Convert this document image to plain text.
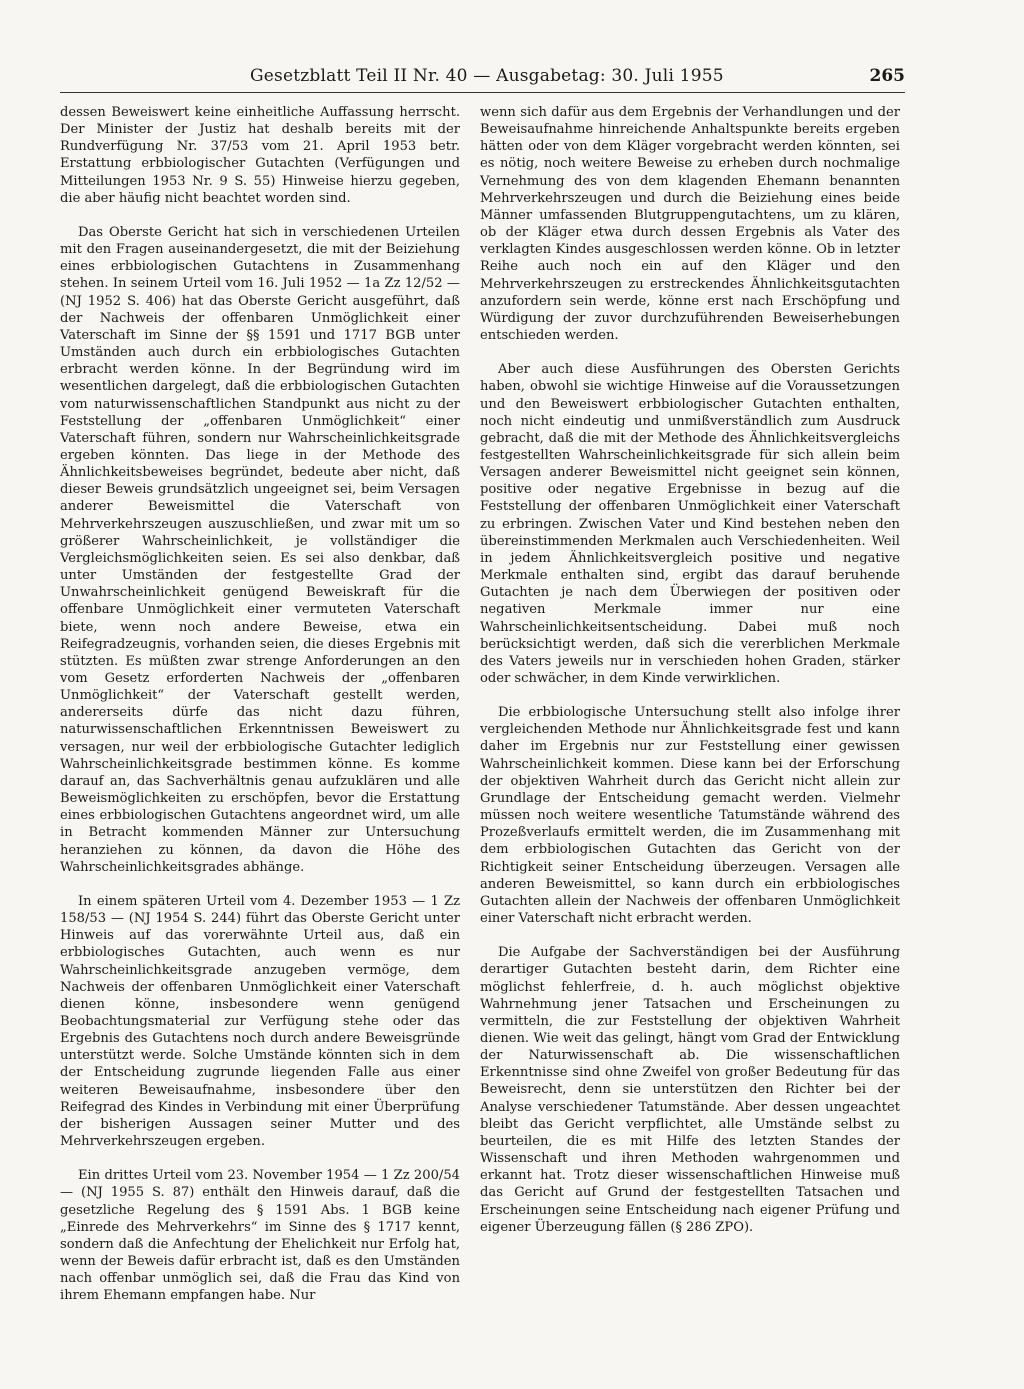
Gesetzblatt Teil II Nr. 40 — Ausgabetag: 30. Juli 1955	265

dessen Beweiswert keine einheitliche Auffassung herrscht. Der Minister der Justiz hat deshalb bereits mit der Rundverfügung Nr. 37/53 vom 21. April 1953 betr. Erstattung erbbiologischer Gutachten (Verfügungen und Mitteilungen 1953 Nr. 9 S. 55) Hinweise hierzu gegeben, die aber häufig nicht beachtet worden sind.

Das Oberste Gericht hat sich in verschiedenen Urteilen mit den Fragen auseinandergesetzt, die mit der Beiziehung eines erbbiologischen Gutachtens in Zusammenhang stehen. In seinem Urteil vom 16. Juli 1952 — 1a Zz 12/52 — (NJ 1952 S. 406) hat das Oberste Gericht ausgeführt, daß der Nachweis der offenbaren Unmöglichkeit einer Vaterschaft im Sinne der §§ 1591 und 1717 BGB unter Umständen auch durch ein erbbiologisches Gutachten erbracht werden könne. In der Begründung wird im wesentlichen dargelegt, daß die erbbiologischen Gutachten vom naturwissenschaftlichen Standpunkt aus nicht zu der Feststellung der „offenbaren Unmöglichkeit“ einer Vaterschaft führen, sondern nur Wahrscheinlichkeitsgrade ergeben könnten. Das liege in der Methode des Ähnlichkeitsbeweises begründet, bedeute aber nicht, daß dieser Beweis grundsätzlich ungeeignet sei, beim Versagen anderer Beweismittel die Vaterschaft von Mehrverkehrszeugen auszuschließen, und zwar mit um so größerer Wahrscheinlichkeit, je vollständiger die Vergleichsmöglichkeiten seien. Es sei also denkbar, daß unter Umständen der festgestellte Grad der Unwahrscheinlichkeit genügend Beweiskraft für die offenbare Unmöglichkeit einer vermuteten Vaterschaft biete, wenn noch andere Beweise, etwa ein Reifegradzeugnis, vorhanden seien, die dieses Ergebnis mit stützten. Es müßten zwar strenge Anforderungen an den vom Gesetz erforderten Nachweis der „offenbaren Unmöglichkeit“ der Vaterschaft gestellt werden, andererseits dürfe das nicht dazu führen, naturwissenschaftlichen Erkenntnissen Beweiswert zu versagen, nur weil der erbbiologische Gutachter lediglich Wahrscheinlichkeitsgrade bestimmen könne. Es komme darauf an, das Sachverhältnis genau aufzuklären und alle Beweismöglichkeiten zu erschöpfen, bevor die Erstattung eines erbbiologischen Gutachtens angeordnet wird, um alle in Betracht kommenden Männer zur Untersuchung heranziehen zu können, da davon die Höhe des Wahrscheinlichkeitsgrades abhänge.

In einem späteren Urteil vom 4. Dezember 1953 — 1 Zz 158/53 — (NJ 1954 S. 244) führt das Oberste Gericht unter Hinweis auf das vorerwähnte Urteil aus, daß ein erbbiologisches Gutachten, auch wenn es nur Wahrscheinlichkeitsgrade anzugeben vermöge, dem Nachweis der offenbaren Unmöglichkeit einer Vaterschaft dienen könne, insbesondere wenn genügend Beobachtungsmaterial zur Verfügung stehe oder das Ergebnis des Gutachtens noch durch andere Beweisgründe unterstützt werde. Solche Umstände könnten sich in dem der Entscheidung zugrunde liegenden Falle aus einer weiteren Beweisaufnahme, insbesondere über den Reifegrad des Kindes in Verbindung mit einer Überprüfung der bisherigen Aussagen seiner Mutter und des Mehrverkehrszeugen ergeben.

Ein drittes Urteil vom 23. November 1954 — 1 Zz 200/54 — (NJ 1955 S. 87) enthält den Hinweis darauf, daß die gesetzliche Regelung des § 1591 Abs. 1 BGB keine „Einrede des Mehrverkehrs“ im Sinne des § 1717 kennt, sondern daß die Anfechtung der Ehelichkeit nur Erfolg hat, wenn der Beweis dafür erbracht ist, daß es den Umständen nach offenbar unmöglich sei, daß die Frau das Kind von ihrem Ehemann empfangen habe. Nur

wenn sich dafür aus dem Ergebnis der Verhandlungen und der Beweisaufnahme hinreichende Anhaltspunkte bereits ergeben hätten oder von dem Kläger vorgebracht werden könnten, sei es nötig, noch weitere Beweise zu erheben durch nochmalige Vernehmung des von dem klagenden Ehemann benannten Mehrverkehrszeugen und durch die Beiziehung eines beide Männer umfassenden Blutgruppengutachtens, um zu klären, ob der Kläger etwa durch dessen Ergebnis als Vater des verklagten Kindes ausgeschlossen werden könne. Ob in letzter Reihe auch noch ein auf den Kläger und den Mehrverkehrszeugen zu erstreckendes Ähnlichkeitsgutachten anzufordern sein werde, könne erst nach Erschöpfung und Würdigung der zuvor durchzuführenden Beweiserhebungen entschieden werden.

Aber auch diese Ausführungen des Obersten Gerichts haben, obwohl sie wichtige Hinweise auf die Voraussetzungen und den Beweiswert erbbiologischer Gutachten enthalten, noch nicht eindeutig und unmißverständlich zum Ausdruck gebracht, daß die mit der Methode des Ähnlichkeitsvergleichs festgestellten Wahrscheinlichkeitsgrade für sich allein beim Versagen anderer Beweismittel nicht geeignet sein können, positive oder negative Ergebnisse in bezug auf die Feststellung der offenbaren Unmöglichkeit einer Vaterschaft zu erbringen. Zwischen Vater und Kind bestehen neben den übereinstimmenden Merkmalen auch Verschiedenheiten. Weil in jedem Ähnlichkeitsvergleich positive und negative Merkmale enthalten sind, ergibt das darauf beruhende Gutachten je nach dem Überwiegen der positiven oder negativen Merkmale immer nur eine Wahrscheinlichkeitsentscheidung. Dabei muß noch berücksichtigt werden, daß sich die vererblichen Merkmale des Vaters jeweils nur in verschieden hohen Graden, stärker oder schwächer, in dem Kinde verwirklichen.

Die erbbiologische Untersuchung stellt also infolge ihrer vergleichenden Methode nur Ähnlichkeitsgrade fest und kann daher im Ergebnis nur zur Feststellung einer gewissen Wahrscheinlichkeit kommen. Diese kann bei der Erforschung der objektiven Wahrheit durch das Gericht nicht allein zur Grundlage der Entscheidung gemacht werden. Vielmehr müssen noch weitere wesentliche Tatumstände während des Prozeßverlaufs ermittelt werden, die im Zusammenhang mit dem erbbiologischen Gutachten das Gericht von der Richtigkeit seiner Entscheidung überzeugen. Versagen alle anderen Beweismittel, so kann durch ein erbbiologisches Gutachten allein der Nachweis der offenbaren Unmöglichkeit einer Vaterschaft nicht erbracht werden.

Die Aufgabe der Sachverständigen bei der Ausführung derartiger Gutachten besteht darin, dem Richter eine möglichst fehlerfreie, d. h. auch möglichst objektive Wahrnehmung jener Tatsachen und Erscheinungen zu vermitteln, die zur Feststellung der objektiven Wahrheit dienen. Wie weit das gelingt, hängt vom Grad der Entwicklung der Naturwissenschaft ab. Die wissenschaftlichen Erkenntnisse sind ohne Zweifel von großer Bedeutung für das Beweisrecht, denn sie unterstützen den Richter bei der Analyse verschiedener Tatumstände. Aber dessen ungeachtet bleibt das Gericht verpflichtet, alle Umstände selbst zu beurteilen, die es mit Hilfe des letzten Standes der Wissenschaft und ihren Methoden wahrgenommen und erkannt hat. Trotz dieser wissenschaftlichen Hinweise muß das Gericht auf Grund der festgestellten Tatsachen und Erscheinungen seine Entscheidung nach eigener Prüfung und eigener Überzeugung fällen (§ 286 ZPO).
